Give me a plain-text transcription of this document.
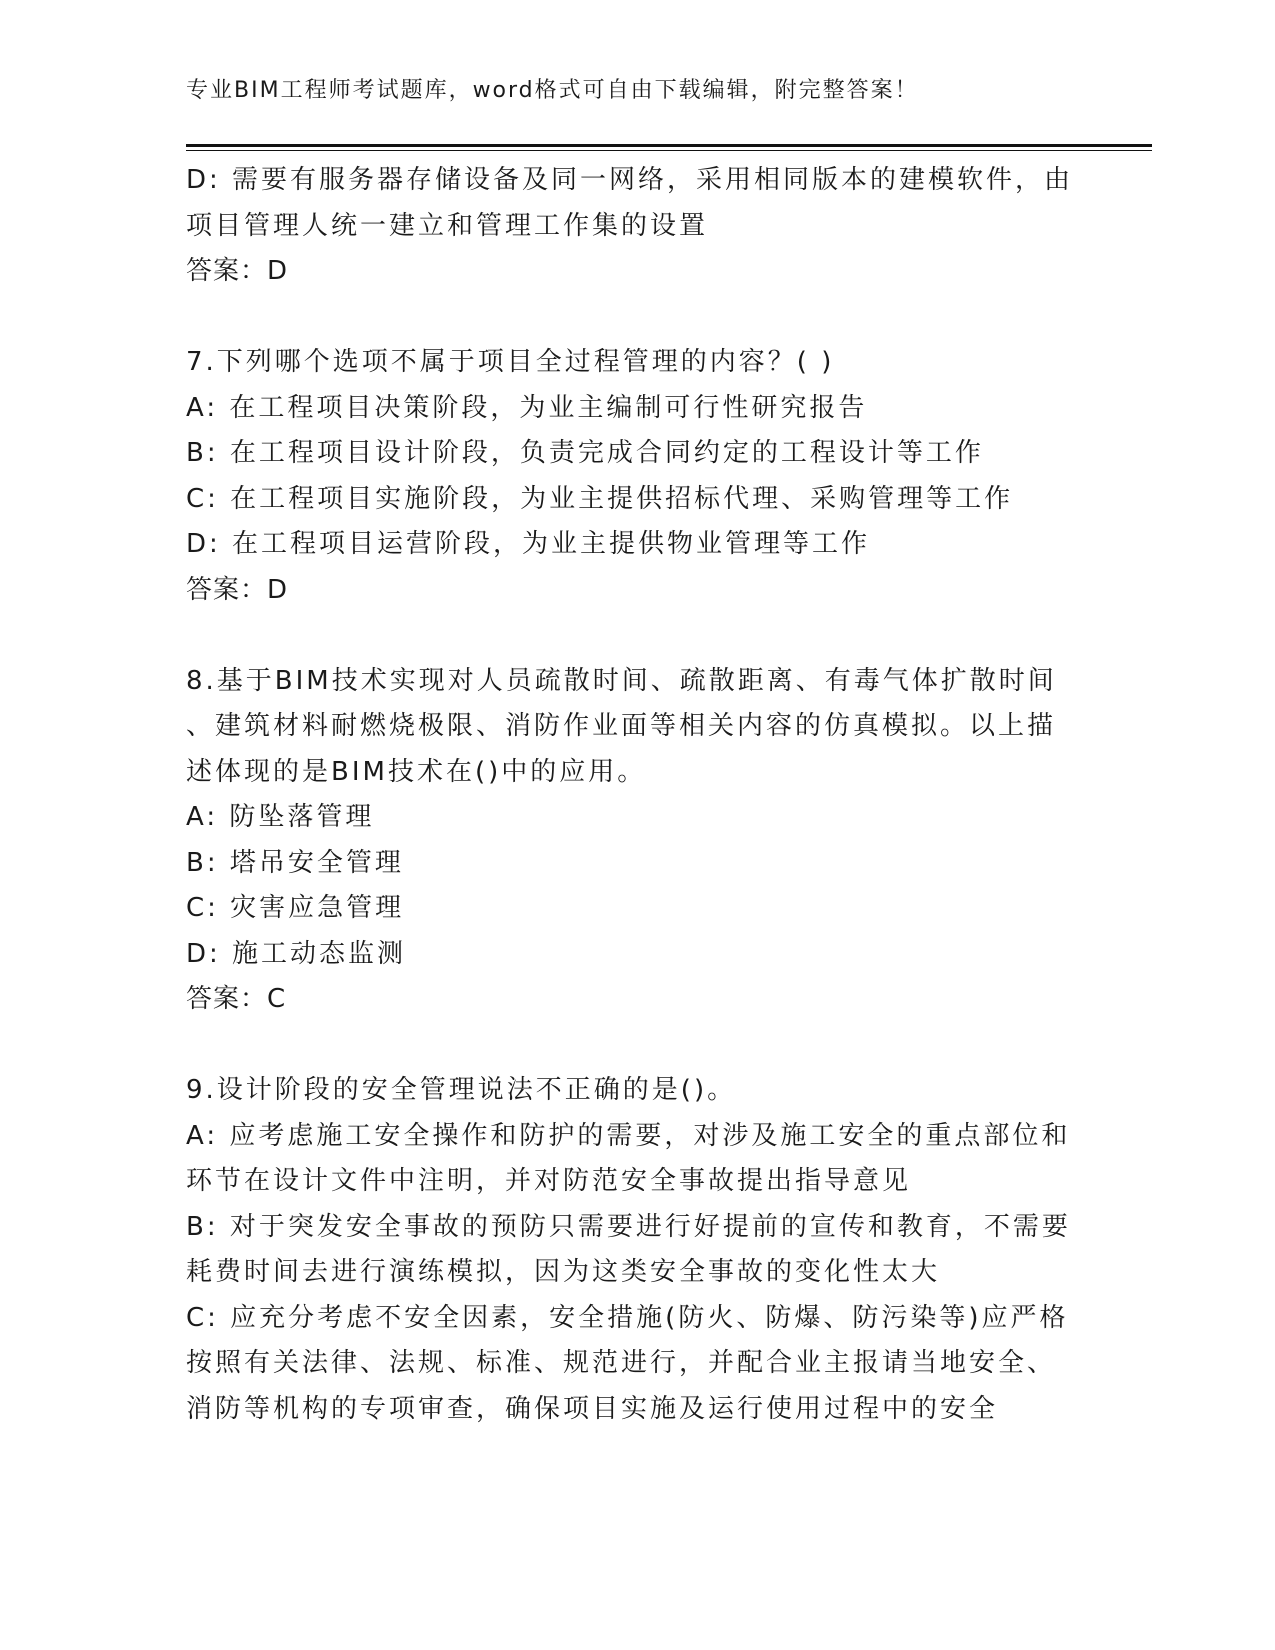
专业BIM工程师考试题库，word格式可自由下载编辑，附完整答案！
D: 需要有服务器存储设备及同一网络，采用相同版本的建模软件，由
项目管理人统一建立和管理工作集的设置
答案：D
7.下列哪个选项不属于项目全过程管理的内容？( )
A: 在工程项目决策阶段，为业主编制可行性研究报告
B: 在工程项目设计阶段，负责完成合同约定的工程设计等工作
C: 在工程项目实施阶段，为业主提供招标代理、采购管理等工作
D: 在工程项目运营阶段，为业主提供物业管理等工作
答案：D
8.基于BIM技术实现对人员疏散时间、疏散距离、有毒气体扩散时间
、建筑材料耐燃烧极限、消防作业面等相关内容的仿真模拟。以上描
述体现的是BIM技术在()中的应用。
A: 防坠落管理
B: 塔吊安全管理
C: 灾害应急管理
D: 施工动态监测
答案：C
9.设计阶段的安全管理说法不正确的是()。
A: 应考虑施工安全操作和防护的需要，对涉及施工安全的重点部位和
环节在设计文件中注明，并对防范安全事故提出指导意见
B: 对于突发安全事故的预防只需要进行好提前的宣传和教育，不需要
耗费时间去进行演练模拟，因为这类安全事故的变化性太大
C: 应充分考虑不安全因素，安全措施(防火、防爆、防污染等)应严格
按照有关法律、法规、标准、规范进行，并配合业主报请当地安全、
消防等机构的专项审查，确保项目实施及运行使用过程中的安全
